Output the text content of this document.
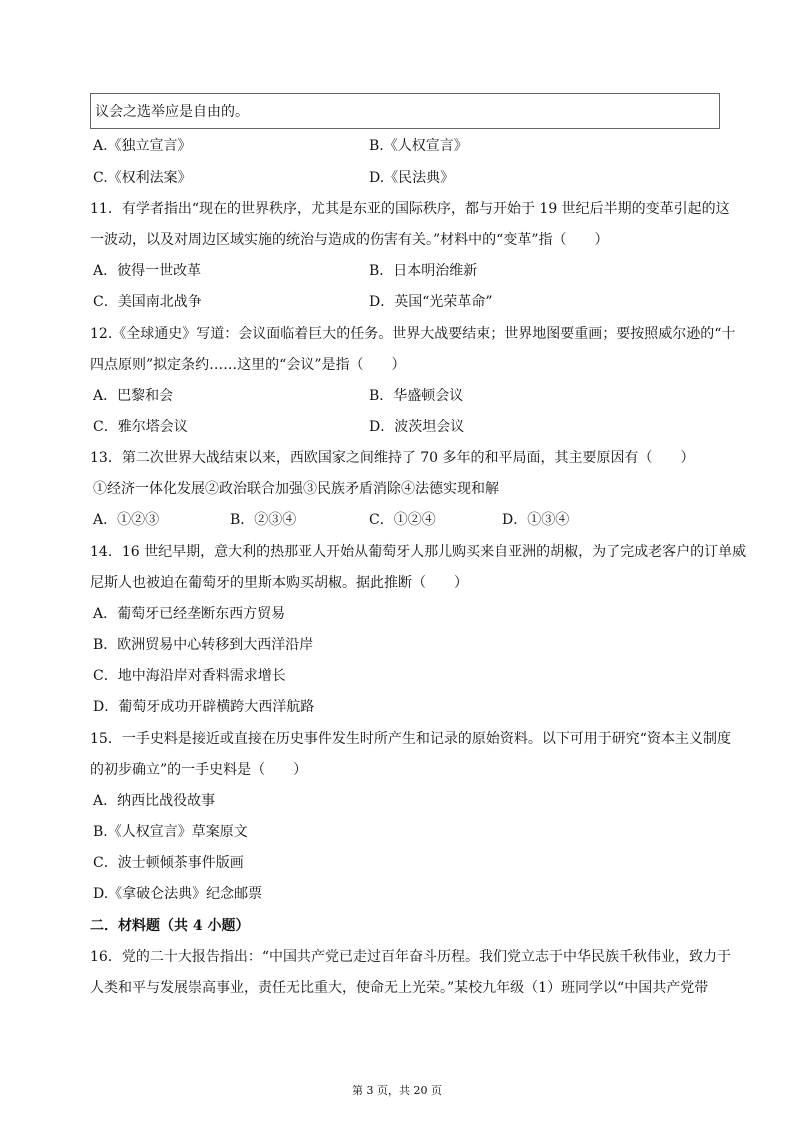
议会之选举应是自由的。
A.《独立宣言》	B.《人权宣言》
C.《权利法案》	D.《民法典》
11．有学者指出“现在的世界秩序，尤其是东亚的国际秩序，都与开始于 19 世纪后半期的变革引起的这
一波动，以及对周边区域实施的统治与造成的伤害有关。”材料中的“变革”指（　　）
A．彼得一世改革	B．日本明治维新
C．美国南北战争	D．英国“光荣革命”
12.《全球通史》写道：会议面临着巨大的任务。世界大战要结束；世界地图要重画；要按照威尔逊的“十
四点原则”拟定条约……这里的“会议”是指（　　）
A．巴黎和会	B．华盛顿会议
C．雅尔塔会议	D．波茨坦会议
13．第二次世界大战结束以来，西欧国家之间维持了 70 多年的和平局面，其主要原因有（　　）
①经济一体化发展②政治联合加强③民族矛盾消除④法德实现和解
A．①②③	B．②③④	C．①②④	D．①③④
14．16 世纪早期，意大利的热那亚人开始从葡萄牙人那儿购买来自亚洲的胡椒，为了完成老客户的订单威
尼斯人也被迫在葡萄牙的里斯本购买胡椒。据此推断（　　）
A．葡萄牙已经垄断东西方贸易
B．欧洲贸易中心转移到大西洋沿岸
C．地中海沿岸对香料需求增长
D．葡萄牙成功开辟横跨大西洋航路
15．一手史料是接近或直接在历史事件发生时所产生和记录的原始资料。以下可用于研究“资本主义制度
的初步确立”的一手史料是（　　）
A．纳西比战役故事
B.《人权宣言》草案原文
C．波士顿倾茶事件版画
D.《拿破仑法典》纪念邮票
二．材料题（共 4 小题）
16．党的二十大报告指出：“中国共产党已走过百年奋斗历程。我们党立志于中华民族千秋伟业，致力于
人类和平与发展崇高事业，责任无比重大，使命无上光荣。”某校九年级（1）班同学以“中国共产党带
第 3 页，共 20 页
